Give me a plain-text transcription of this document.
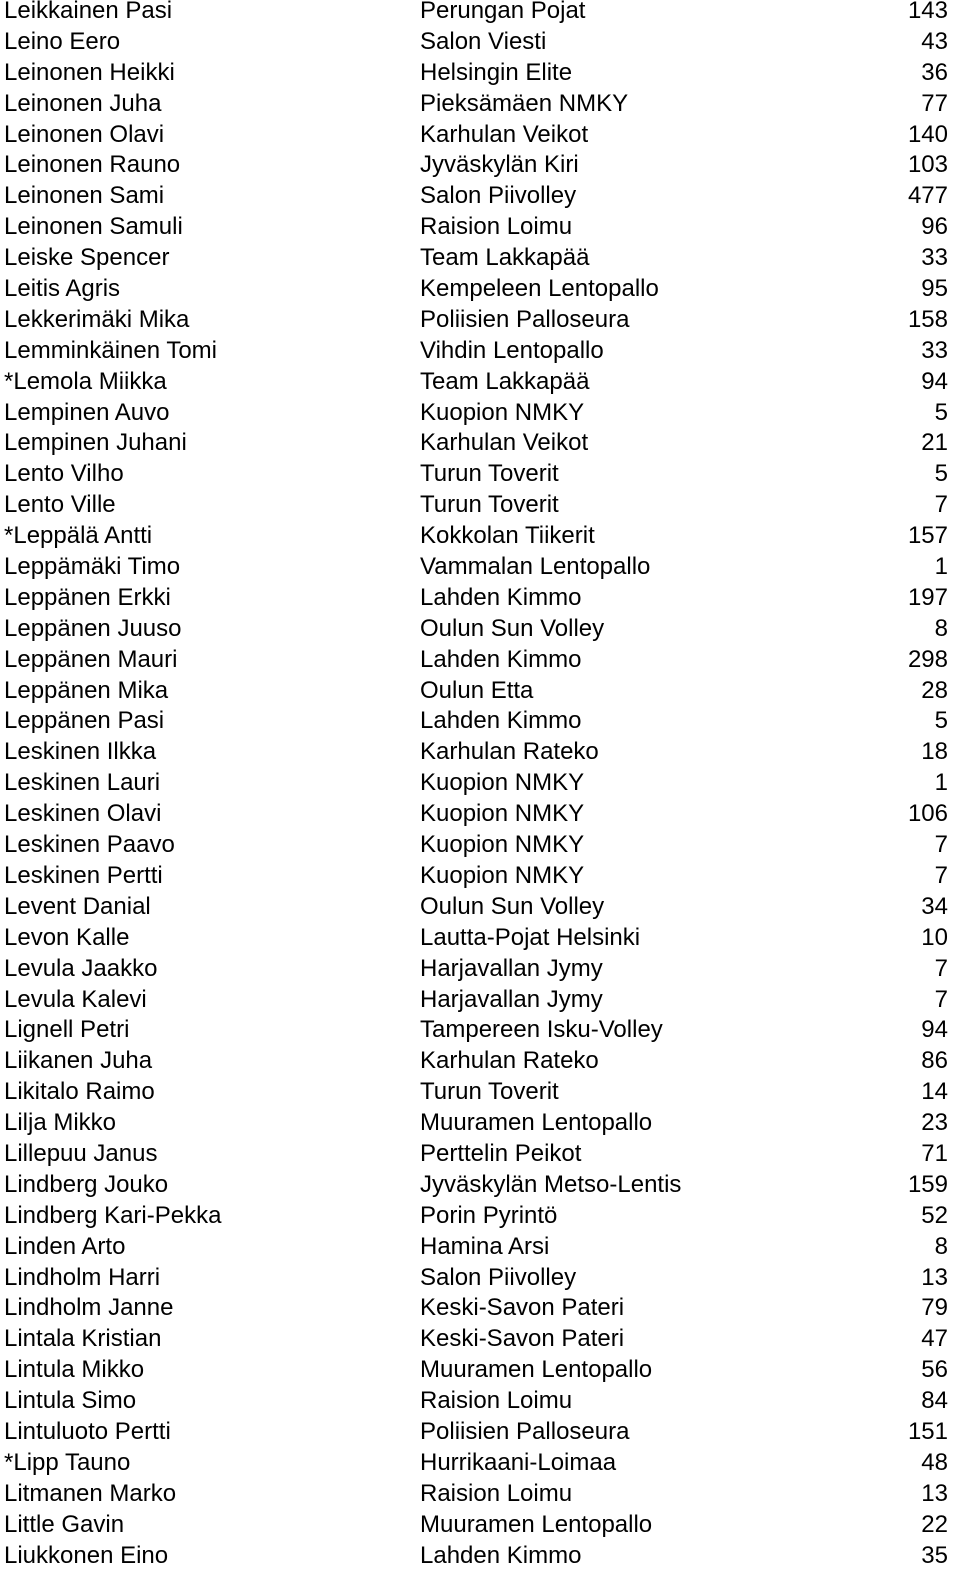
Leikkainen Pasi	Perungan Pojat	143
Leino Eero	Salon Viesti	43
Leinonen Heikki	Helsingin Elite	36
Leinonen Juha	Pieksämäen NMKY	77
Leinonen Olavi	Karhulan Veikot	140
Leinonen Rauno	Jyväskylän Kiri	103
Leinonen Sami	Salon Piivolley	477
Leinonen Samuli	Raision Loimu	96
Leiske Spencer	Team Lakkapää	33
Leitis Agris	Kempeleen Lentopallo	95
Lekkerimäki Mika	Poliisien Palloseura	158
Lemminkäinen Tomi	Vihdin Lentopallo	33
*Lemola Miikka	Team Lakkapää	94
Lempinen Auvo	Kuopion NMKY	5
Lempinen Juhani	Karhulan Veikot	21
Lento Vilho	Turun Toverit	5
Lento Ville	Turun Toverit	7
*Leppälä Antti	Kokkolan Tiikerit	157
Leppämäki Timo	Vammalan Lentopallo	1
Leppänen Erkki	Lahden Kimmo	197
Leppänen Juuso	Oulun Sun Volley	8
Leppänen Mauri	Lahden Kimmo	298
Leppänen Mika	Oulun Etta	28
Leppänen Pasi	Lahden Kimmo	5
Leskinen Ilkka	Karhulan Rateko	18
Leskinen Lauri	Kuopion NMKY	1
Leskinen Olavi	Kuopion NMKY	106
Leskinen Paavo	Kuopion NMKY	7
Leskinen Pertti	Kuopion NMKY	7
Levent Danial	Oulun Sun Volley	34
Levon Kalle	Lautta-Pojat Helsinki	10
Levula Jaakko	Harjavallan Jymy	7
Levula Kalevi	Harjavallan Jymy	7
Lignell Petri	Tampereen Isku-Volley	94
Liikanen Juha	Karhulan Rateko	86
Likitalo Raimo	Turun Toverit	14
Lilja Mikko	Muuramen Lentopallo	23
Lillepuu Janus	Perttelin Peikot	71
Lindberg Jouko	Jyväskylän Metso-Lentis	159
Lindberg Kari-Pekka	Porin Pyrintö	52
Linden Arto	Hamina Arsi	8
Lindholm Harri	Salon Piivolley	13
Lindholm Janne	Keski-Savon Pateri	79
Lintala Kristian	Keski-Savon Pateri	47
Lintula Mikko	Muuramen Lentopallo	56
Lintula Simo	Raision Loimu	84
Lintuluoto Pertti	Poliisien Palloseura	151
*Lipp Tauno	Hurrikaani-Loimaa	48
Litmanen Marko	Raision Loimu	13
Little Gavin	Muuramen Lentopallo	22
Liukkonen Eino	Lahden Kimmo	35
